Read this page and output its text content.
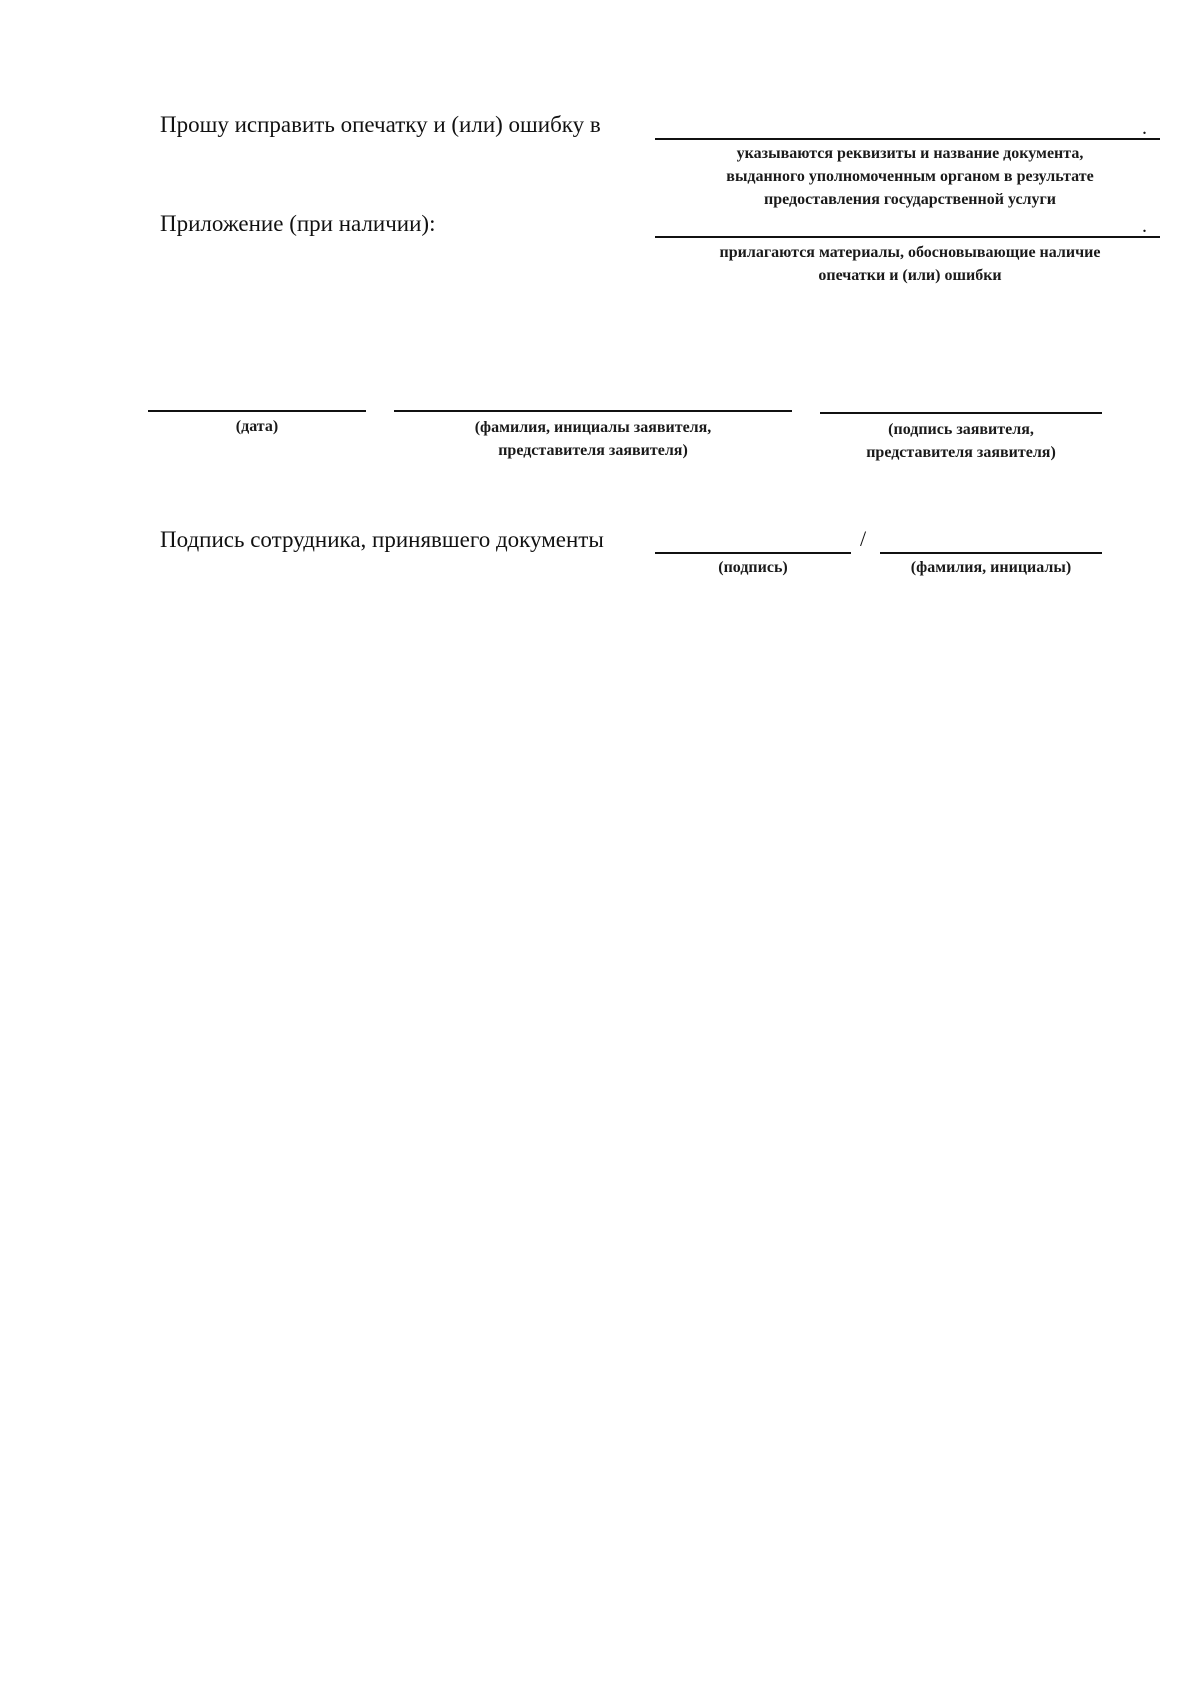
Прошу исправить опечатку и (или) ошибку в	.
указываются реквизиты и название документа,
выданного уполномоченным органом в результате
предоставления государственной услуги
Приложение (при наличии):	.
прилагаются материалы, обосновывающие наличие
опечатки и (или) ошибки
(дата)	(фамилия, инициалы заявителя,
представителя заявителя)
(подпись заявителя,
представителя заявителя)
Подпись сотрудника, принявшего документы	/
(подпись)	(фамилия, инициалы)
